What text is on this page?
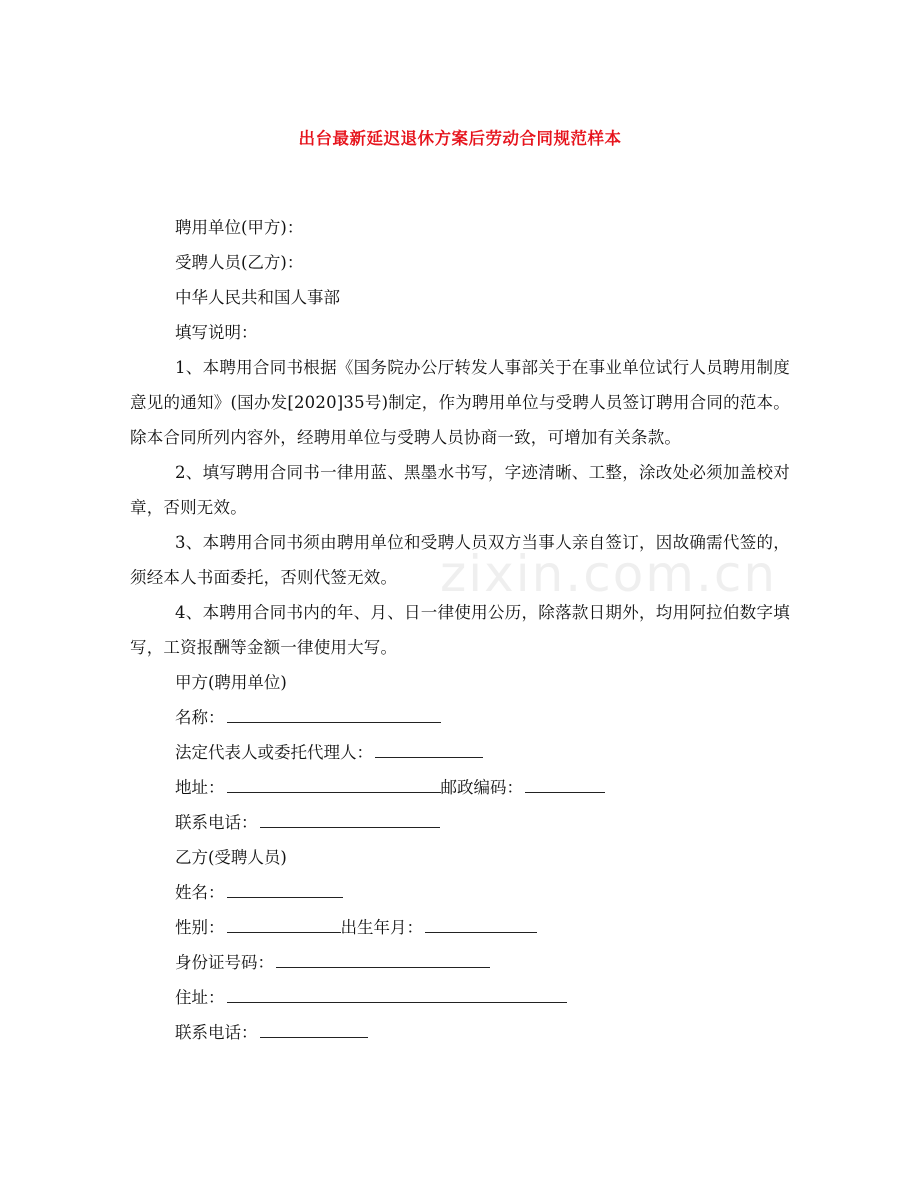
zixin.com.cn
出台最新延迟退休方案后劳动合同规范样本

聘用单位(甲方)：

受聘人员(乙方)：

中华人民共和国人事部

填写说明：

1、本聘用合同书根据《国务院办公厅转发人事部关于在事业单位试行人员聘用制度意见的通知》(国办发[2020]35号)制定，作为聘用单位与受聘人员签订聘用合同的范本。除本合同所列内容外，经聘用单位与受聘人员协商一致，可增加有关条款。

2、填写聘用合同书一律用蓝、黑墨水书写，字迹清晰、工整，涂改处必须加盖校对章，否则无效。

3、本聘用合同书须由聘用单位和受聘人员双方当事人亲自签订，因故确需代签的，须经本人书面委托，否则代签无效。

4、本聘用合同书内的年、月、日一律使用公历，除落款日期外，均用阿拉伯数字填写，工资报酬等金额一律使用大写。

甲方(聘用单位)

名称：

法定代表人或委托代理人：

地址：	邮政编码：

联系电话：

乙方(受聘人员)

姓名：

性别：	出生年月：

身份证号码：

住址：

联系电话：
